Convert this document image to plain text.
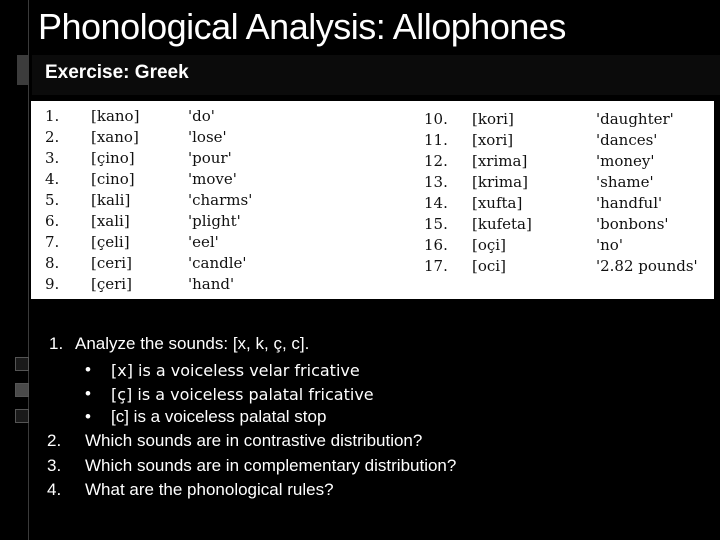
Phonological Analysis: Allophones
Exercise: Greek
1. [kano]	'do'
2. [xano]	'lose'
3. [çino]	'pour'
4. [cino]	'move'
5. [kali]	'charms'
6. [xali]	'plight'
7. [çeli]	'eel'
8. [ceri]	'candle'
9. [çeri]	'hand'
10. [kori]	'daughter'
11. [xori]	'dances'
12. [xrima]	'money'
13. [krima]	'shame'
14. [xufta]	'handful'
15. [kufeta]	'bonbons'
16. [oçi]	'no'
17. [oci]	'2.82 pounds'
1. Analyze the sounds: [x, k, ç, c].
• [x] is a voiceless velar fricative
• [ç] is a voiceless palatal fricative
• [c] is a voiceless palatal stop
2. Which sounds are in contrastive distribution?
3. Which sounds are in complementary distribution?
4. What are the phonological rules?
